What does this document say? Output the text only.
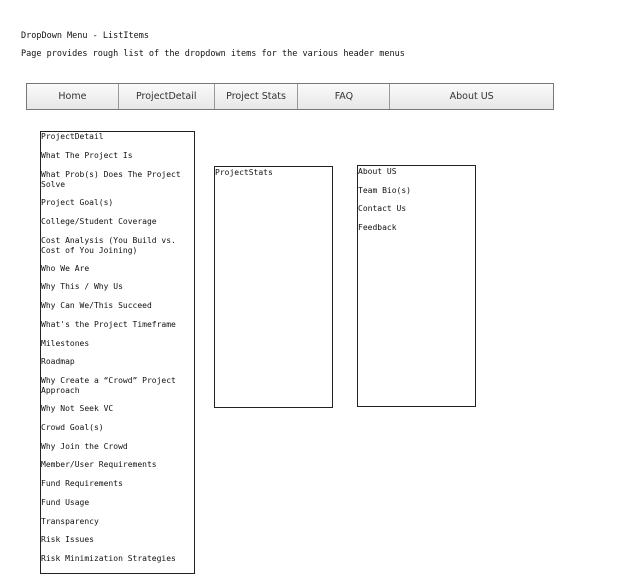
DropDown Menu - ListItems
Page provides rough list of the dropdown items for the various header menus
Home	ProjectDetail	Project Stats	FAQ	About US
ProjectDetail
What The Project Is
What Prob(s) Does The Project Solve
Project Goal(s)
College/Student Coverage
Cost Analysis (You Build vs. Cost of You Joining)
Who We Are
Why This / Why Us
Why Can We/This Succeed
What's the Project Timeframe
Milestones
Roadmap
Why Create a “Crowd” Project Approach
Why Not Seek VC
Crowd Goal(s)
Why Join the Crowd
Member/User Requirements
Fund Requirements
Fund Usage
Transparency
Risk Issues
Risk Minimization Strategies
ProjectStats	About US
Team Bio(s)
Contact Us
Feedback
